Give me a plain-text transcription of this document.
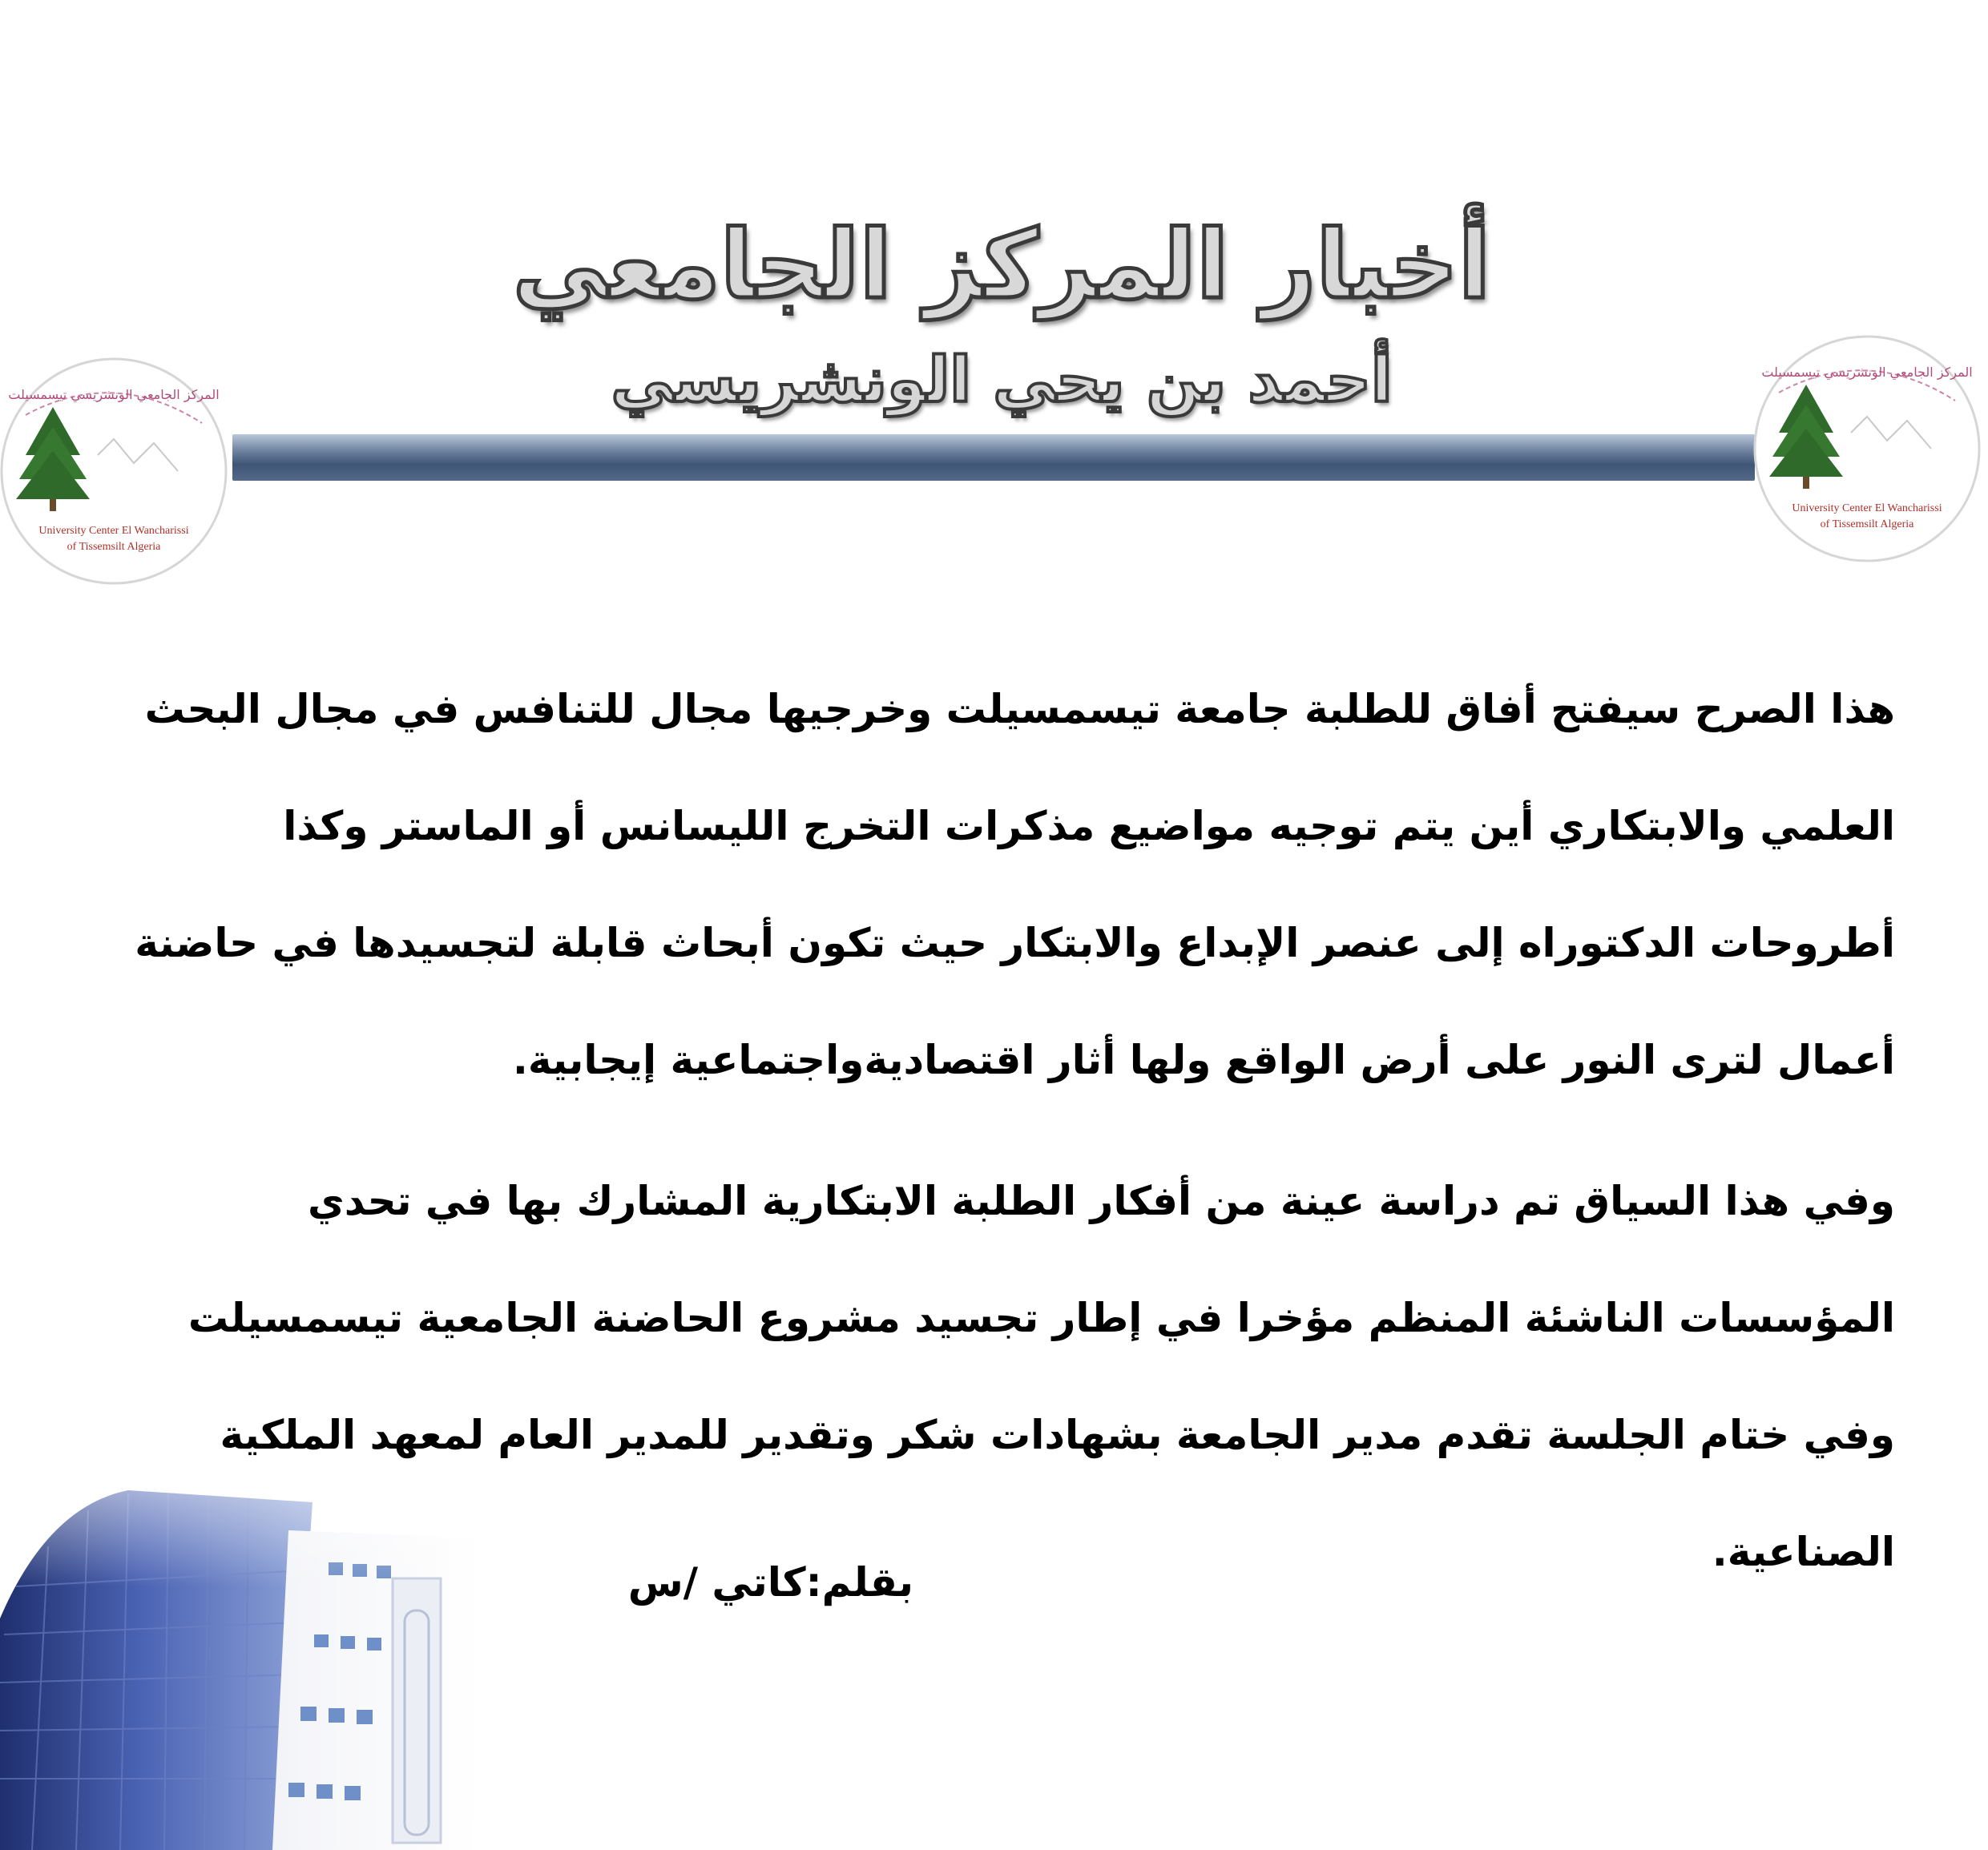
أخبار المركز الجامعي
أحمد بن يحي الونشريسي
University Center El Wancharissi
of Tissemsilt Algeria
المركز الجامعي الونشريسي تيسمسيلت
University Center El Wancharissi
of Tissemsilt Algeria
المركز الجامعي الونشريسي تيسمسيلت

هذا الصرح سيفتح أفاق للطلبة جامعة تيسمسيلت وخرجيها مجال للتنافس في مجال البحث العلمي والابتكاري أين يتم توجيه مواضيع مذكرات التخرج الليسانس أو الماستر وكذا أطروحات الدكتوراه إلى عنصر الإبداع والابتكار حيث تكون أبحاث قابلة لتجسيدها في حاضنة أعمال لترى النور على أرض الواقع ولها أثار اقتصاديةواجتماعية إيجابية.

وفي هذا السياق تم دراسة عينة من أفكار الطلبة الابتكارية المشارك بها في تحدي المؤسسات الناشئة المنظم مؤخرا في إطار تجسيد مشروع الحاضنة الجامعية تيسمسيلت وفي ختام الجلسة تقدم مدير الجامعة بشهادات شكر وتقدير للمدير العام لمعهد الملكية الصناعية.

بقلم:كاتي /س
